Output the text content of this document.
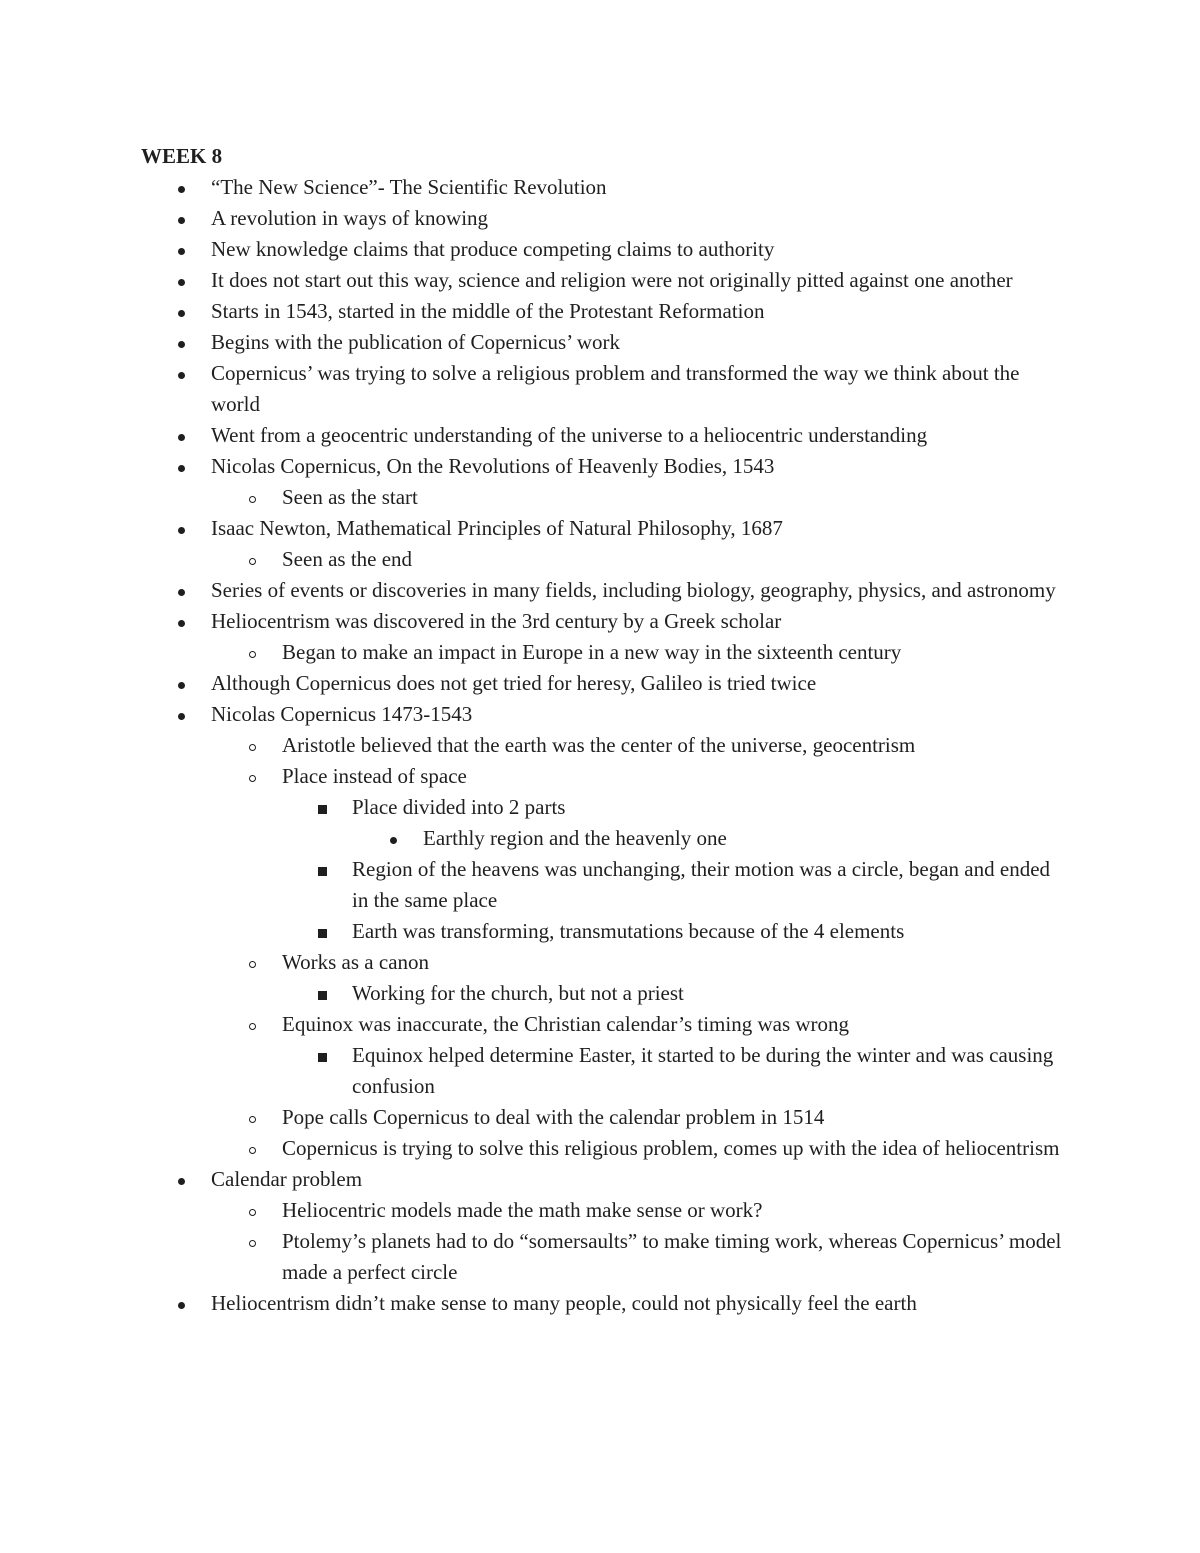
WEEK 8
“The New Science”- The Scientific Revolution
A revolution in ways of knowing
New knowledge claims that produce competing claims to authority
It does not start out this way, science and religion were not originally pitted against one another
Starts in 1543, started in the middle of the Protestant Reformation
Begins with the publication of Copernicus’ work
Copernicus’ was trying to solve a religious problem and transformed the way we think about the world
Went from a geocentric understanding of the universe to a heliocentric understanding
Nicolas Copernicus, On the Revolutions of Heavenly Bodies, 1543
Seen as the start
Isaac Newton, Mathematical Principles of Natural Philosophy, 1687
Seen as the end
Series of events or discoveries in many fields, including biology, geography, physics, and astronomy
Heliocentrism was discovered in the 3rd century by a Greek scholar
Began to make an impact in Europe in a new way in the sixteenth century
Although Copernicus does not get tried for heresy, Galileo is tried twice
Nicolas Copernicus 1473-1543
Aristotle believed that the earth was the center of the universe, geocentrism
Place instead of space
Place divided into 2 parts
Earthly region and the heavenly one
Region of the heavens was unchanging, their motion was a circle, began and ended in the same place
Earth was transforming, transmutations because of the 4 elements
Works as a canon
Working for the church, but not a priest
Equinox was inaccurate, the Christian calendar’s timing was wrong
Equinox helped determine Easter, it started to be during the winter and was causing confusion
Pope calls Copernicus to deal with the calendar problem in 1514
Copernicus is trying to solve this religious problem, comes up with the idea of heliocentrism
Calendar problem
Heliocentric models made the math make sense or work?
Ptolemy’s planets had to do “somersaults” to make timing work, whereas Copernicus’ model made a perfect circle
Heliocentrism didn’t make sense to many people, could not physically feel the earth
